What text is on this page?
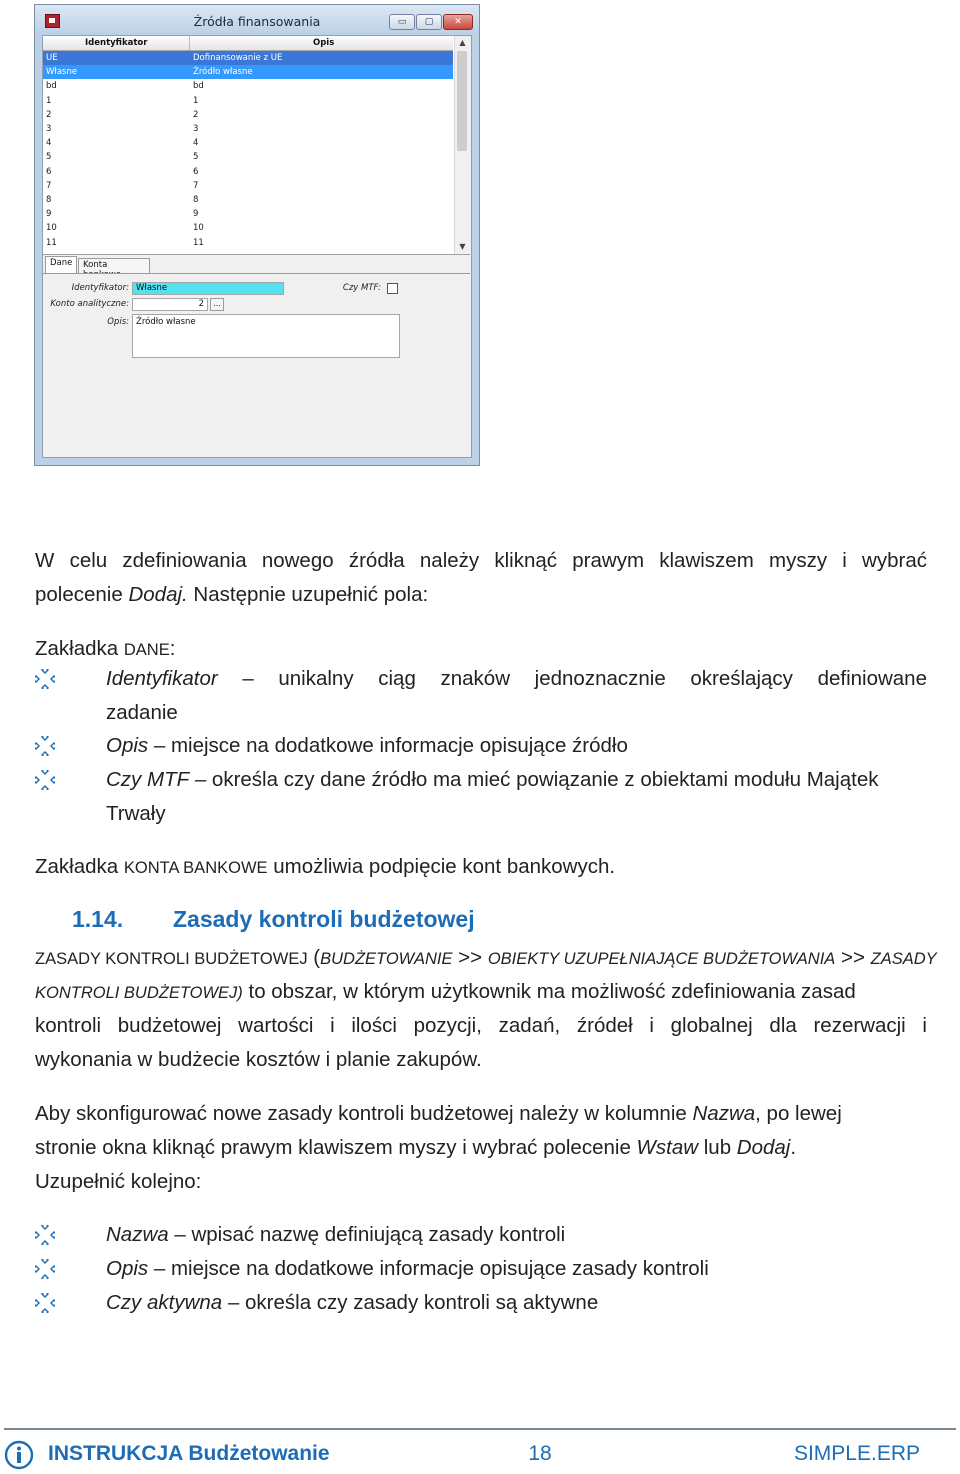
Źródła finansowania	▭	▢	✕
Identyfikator	Opis
UE	Dofinansowanie z UE
Własne	Źródło własne
bd	bd
1	1
2	2
3	3
4	4
5	5
6	6
7	7
8	8
9	9
10	10
11	11
▲
▼
Dane	Konta
Identyfikator: Własne
Konto analityczne:	2	...
Czy MTF:
Opis: Źródło własne
W celu zdefiniowania nowego źródła należy kliknąć prawym klawiszem myszy i wybrać
polecenie Dodaj. Następnie uzupełnić pola:
Zakładka DANE:
Identyfikator – unikalny ciąg znaków jednoznacznie określający definiowane
zadanie
Opis – miejsce na dodatkowe informacje opisujące źródło
Czy MTF – określa czy dane źródło ma mieć powiązanie z obiektami modułu Majątek
Trwały
Zakładka KONTA BANKOWE umożliwia podpięcie kont bankowych.
1.14. Zasady kontroli budżetowej
ZASADY KONTROLI BUDŻETOWEJ (BUDŻETOWANIE >> OBIEKTY UZUPEŁNIAJĄCE BUDŻETOWANIA >> ZASADY
KONTROLI BUDŻETOWEJ) to obszar, w którym użytkownik ma możliwość zdefiniowania zasad
kontroli budżetowej wartości i ilości pozycji, zadań, źródeł i globalnej dla rezerwacji i
wykonania w budżecie kosztów i planie zakupów.
Aby skonfigurować nowe zasady kontroli budżetowej należy w kolumnie Nazwa, po lewej
stronie okna kliknąć prawym klawiszem myszy i wybrać polecenie Wstaw lub Dodaj.
Uzupełnić kolejno:
Nazwa – wpisać nazwę definiującą zasady kontroli
Opis – miejsce na dodatkowe informacje opisujące zasady kontroli
Czy aktywna – określa czy zasady kontroli są aktywne
INSTRUKCJA Budżetowanie	18	SIMPLE.ERP
